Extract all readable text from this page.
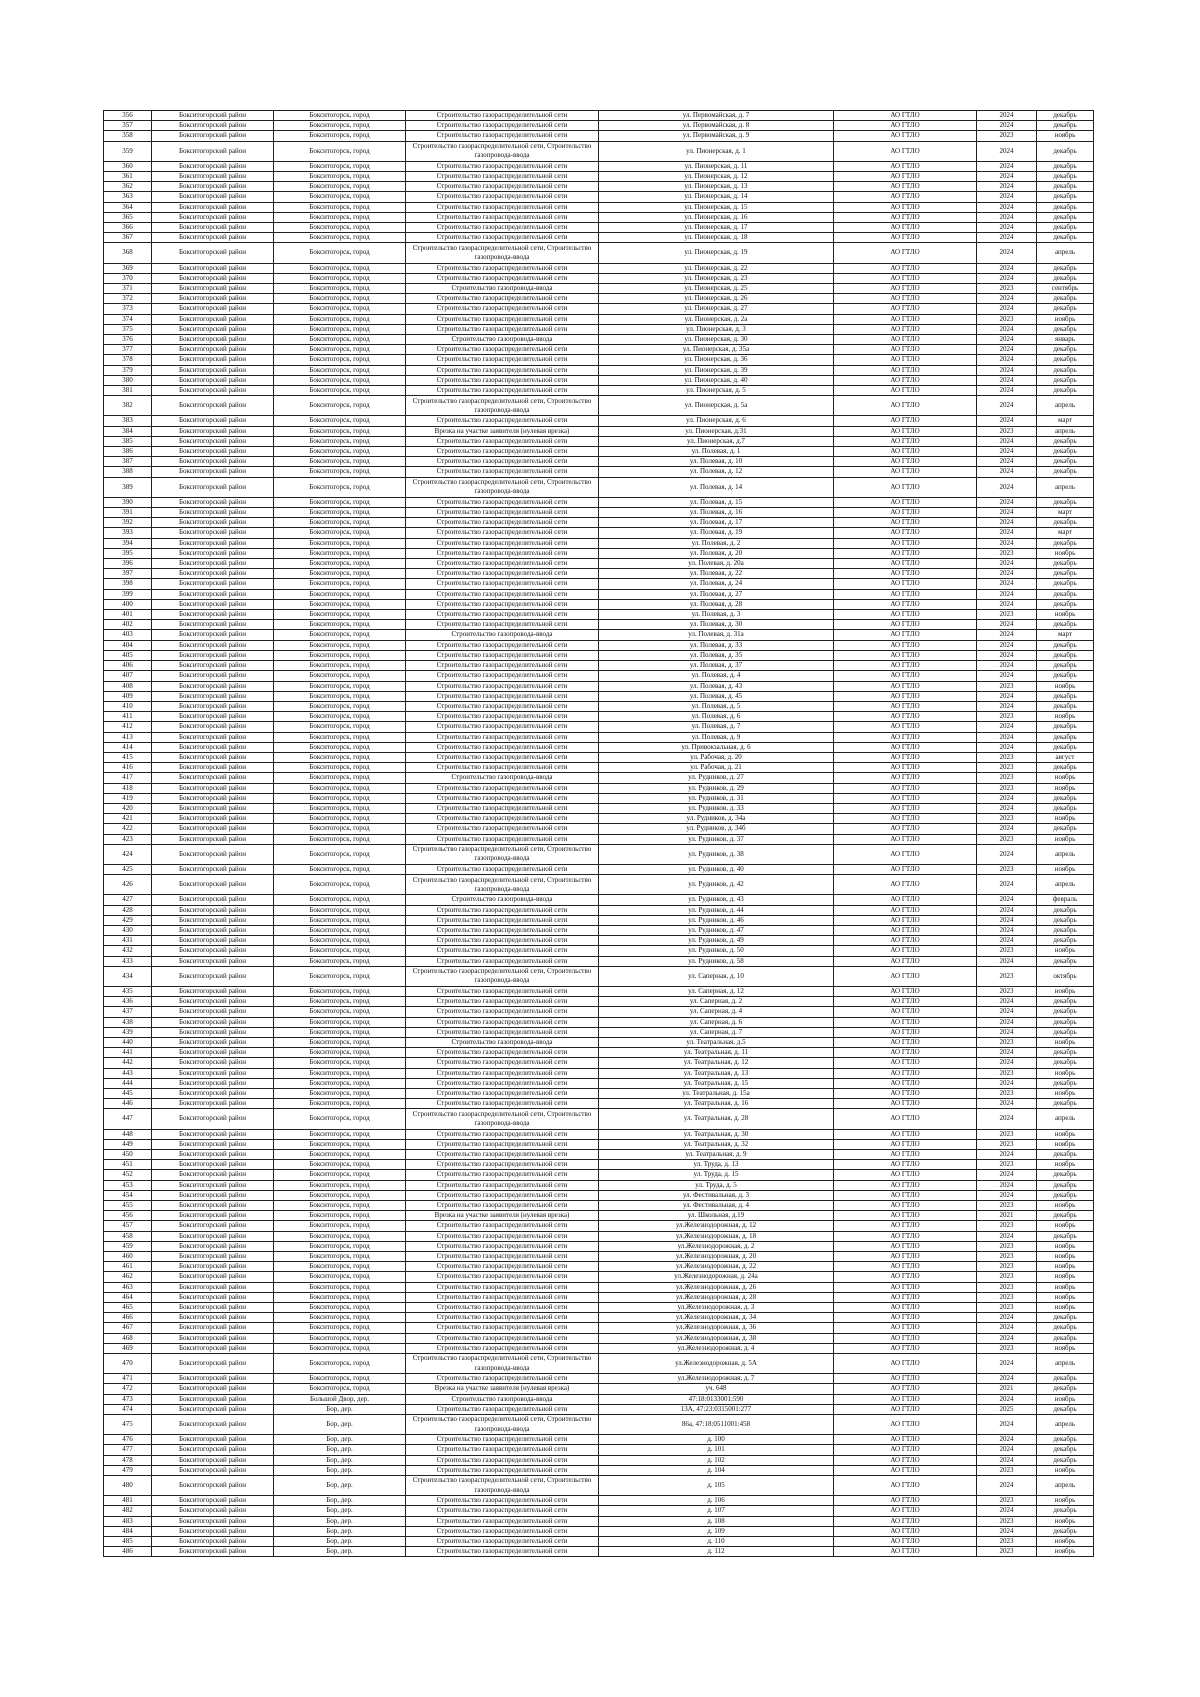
356	Бокситогорский район	Бокситогорск, город	Строительство газораспределительной сети	ул. Первомайская, д. 7	АО ГТЛО	2024	декабрь
357	Бокситогорский район	Бокситогорск, город	Строительство газораспределительной сети	ул. Первомайская, д. 8	АО ГТЛО	2024	декабрь
358	Бокситогорский район	Бокситогорск, город	Строительство газораспределительной сети	ул. Первомайская, д. 9	АО ГТЛО	2023	ноябрь
359	Бокситогорский район	Бокситогорск, город	Строительство газораспределительной сети, Строительство газопровода-ввода	ул. Пионерская, д. 1	АО ГТЛО	2024	декабрь
360	Бокситогорский район	Бокситогорск, город	Строительство газораспределительной сети	ул. Пионерская, д. 11	АО ГТЛО	2024	декабрь
361	Бокситогорский район	Бокситогорск, город	Строительство газораспределительной сети	ул. Пионерская, д. 12	АО ГТЛО	2024	декабрь
362	Бокситогорский район	Бокситогорск, город	Строительство газораспределительной сети	ул. Пионерская, д. 13	АО ГТЛО	2024	декабрь
363	Бокситогорский район	Бокситогорск, город	Строительство газораспределительной сети	ул. Пионерская, д. 14	АО ГТЛО	2024	декабрь
364	Бокситогорский район	Бокситогорск, город	Строительство газораспределительной сети	ул. Пионерская, д. 15	АО ГТЛО	2024	декабрь
365	Бокситогорский район	Бокситогорск, город	Строительство газораспределительной сети	ул. Пионерская, д. 16	АО ГТЛО	2024	декабрь
366	Бокситогорский район	Бокситогорск, город	Строительство газораспределительной сети	ул. Пионерская, д. 17	АО ГТЛО	2024	декабрь
367	Бокситогорский район	Бокситогорск, город	Строительство газораспределительной сети	ул. Пионерская, д. 18	АО ГТЛО	2024	декабрь
368	Бокситогорский район	Бокситогорск, город	Строительство газораспределительной сети, Строительство газопровода-ввода	ул. Пионерская, д. 19	АО ГТЛО	2024	апрель
369	Бокситогорский район	Бокситогорск, город	Строительство газораспределительной сети	ул. Пионерская, д. 22	АО ГТЛО	2024	декабрь
370	Бокситогорский район	Бокситогорск, город	Строительство газораспределительной сети	ул. Пионерская, д. 23	АО ГТЛО	2024	декабрь
371	Бокситогорский район	Бокситогорск, город	Строительство газопровода-ввода	ул. Пионерская, д. 25	АО ГТЛО	2023	сентябрь
372	Бокситогорский район	Бокситогорск, город	Строительство газораспределительной сети	ул. Пионерская, д. 26	АО ГТЛО	2024	декабрь
373	Бокситогорский район	Бокситогорск, город	Строительство газораспределительной сети	ул. Пионерская, д. 27	АО ГТЛО	2024	декабрь
374	Бокситогорский район	Бокситогорск, город	Строительство газораспределительной сети	ул. Пионерская, д. 2а	АО ГТЛО	2023	ноябрь
375	Бокситогорский район	Бокситогорск, город	Строительство газораспределительной сети	ул. Пионерская, д. 3	АО ГТЛО	2024	декабрь
376	Бокситогорский район	Бокситогорск, город	Строительство газопровода-ввода	ул. Пионерская, д. 30	АО ГТЛО	2024	январь
377	Бокситогорский район	Бокситогорск, город	Строительство газораспределительной сети	ул. Пионерская, д. 35а	АО ГТЛО	2024	декабрь
378	Бокситогорский район	Бокситогорск, город	Строительство газораспределительной сети	ул. Пионерская, д. 36	АО ГТЛО	2024	декабрь
379	Бокситогорский район	Бокситогорск, город	Строительство газораспределительной сети	ул. Пионерская, д. 39	АО ГТЛО	2024	декабрь
380	Бокситогорский район	Бокситогорск, город	Строительство газораспределительной сети	ул. Пионерская, д. 40	АО ГТЛО	2024	декабрь
381	Бокситогорский район	Бокситогорск, город	Строительство газораспределительной сети	ул. Пионерская, д. 5	АО ГТЛО	2024	декабрь
382	Бокситогорский район	Бокситогорск, город	Строительство газораспределительной сети, Строительство газопровода-ввода	ул. Пионерская, д. 5а	АО ГТЛО	2024	апрель
383	Бокситогорский район	Бокситогорск, город	Строительство газораспределительной сети	ул. Пионерская, д. 6	АО ГТЛО	2024	март
384	Бокситогорский район	Бокситогорск, город	Врезка на участке заявителя (нулевая врезка)	ул. Пионерская, д.31	АО ГТЛО	2023	апрель
385	Бокситогорский район	Бокситогорск, город	Строительство газораспределительной сети	ул. Пионерская, д.7	АО ГТЛО	2024	декабрь
386	Бокситогорский район	Бокситогорск, город	Строительство газораспределительной сети	ул. Полевая, д. 1	АО ГТЛО	2024	декабрь
387	Бокситогорский район	Бокситогорск, город	Строительство газораспределительной сети	ул. Полевая, д. 10	АО ГТЛО	2024	декабрь
388	Бокситогорский район	Бокситогорск, город	Строительство газораспределительной сети	ул. Полевая, д. 12	АО ГТЛО	2024	декабрь
389	Бокситогорский район	Бокситогорск, город	Строительство газораспределительной сети, Строительство газопровода-ввода	ул. Полевая, д. 14	АО ГТЛО	2024	апрель
390	Бокситогорский район	Бокситогорск, город	Строительство газораспределительной сети	ул. Полевая, д. 15	АО ГТЛО	2024	декабрь
391	Бокситогорский район	Бокситогорск, город	Строительство газораспределительной сети	ул. Полевая, д. 16	АО ГТЛО	2024	март
392	Бокситогорский район	Бокситогорск, город	Строительство газораспределительной сети	ул. Полевая, д. 17	АО ГТЛО	2024	декабрь
393	Бокситогорский район	Бокситогорск, город	Строительство газораспределительной сети	ул. Полевая, д. 19	АО ГТЛО	2024	март
394	Бокситогорский район	Бокситогорск, город	Строительство газораспределительной сети	ул. Полевая, д. 2	АО ГТЛО	2024	декабрь
395	Бокситогорский район	Бокситогорск, город	Строительство газораспределительной сети	ул. Полевая, д. 20	АО ГТЛО	2023	ноябрь
396	Бокситогорский район	Бокситогорск, город	Строительство газораспределительной сети	ул. Полевая, д. 20а	АО ГТЛО	2024	декабрь
397	Бокситогорский район	Бокситогорск, город	Строительство газораспределительной сети	ул. Полевая, д. 22	АО ГТЛО	2024	декабрь
398	Бокситогорский район	Бокситогорск, город	Строительство газораспределительной сети	ул. Полевая, д. 24	АО ГТЛО	2024	декабрь
399	Бокситогорский район	Бокситогорск, город	Строительство газораспределительной сети	ул. Полевая, д. 27	АО ГТЛО	2024	декабрь
400	Бокситогорский район	Бокситогорск, город	Строительство газораспределительной сети	ул. Полевая, д. 28	АО ГТЛО	2024	декабрь
401	Бокситогорский район	Бокситогорск, город	Строительство газораспределительной сети	ул. Полевая, д. 3	АО ГТЛО	2023	ноябрь
402	Бокситогорский район	Бокситогорск, город	Строительство газораспределительной сети	ул. Полевая, д. 30	АО ГТЛО	2024	декабрь
403	Бокситогорский район	Бокситогорск, город	Строительство газопровода-ввода	ул. Полевая, д. 31а	АО ГТЛО	2024	март
404	Бокситогорский район	Бокситогорск, город	Строительство газораспределительной сети	ул. Полевая, д. 33	АО ГТЛО	2024	декабрь
405	Бокситогорский район	Бокситогорск, город	Строительство газораспределительной сети	ул. Полевая, д. 35	АО ГТЛО	2024	декабрь
406	Бокситогорский район	Бокситогорск, город	Строительство газораспределительной сети	ул. Полевая, д. 37	АО ГТЛО	2024	декабрь
407	Бокситогорский район	Бокситогорск, город	Строительство газораспределительной сети	ул. Полевая, д. 4	АО ГТЛО	2024	декабрь
408	Бокситогорский район	Бокситогорск, город	Строительство газораспределительной сети	ул. Полевая, д. 43	АО ГТЛО	2023	ноябрь
409	Бокситогорский район	Бокситогорск, город	Строительство газораспределительной сети	ул. Полевая, д. 45	АО ГТЛО	2024	декабрь
410	Бокситогорский район	Бокситогорск, город	Строительство газораспределительной сети	ул. Полевая, д. 5	АО ГТЛО	2024	декабрь
411	Бокситогорский район	Бокситогорск, город	Строительство газораспределительной сети	ул. Полевая, д. 6	АО ГТЛО	2023	ноябрь
412	Бокситогорский район	Бокситогорск, город	Строительство газораспределительной сети	ул. Полевая, д. 7	АО ГТЛО	2024	декабрь
413	Бокситогорский район	Бокситогорск, город	Строительство газораспределительной сети	ул. Полевая, д. 9	АО ГТЛО	2024	декабрь
414	Бокситогорский район	Бокситогорск, город	Строительство газораспределительной сети	ул. Привокзальная, д. 6	АО ГТЛО	2024	декабрь
415	Бокситогорский район	Бокситогорск, город	Строительство газораспределительной сети	ул. Рабочая, д. 20	АО ГТЛО	2023	август
416	Бокситогорский район	Бокситогорск, город	Строительство газораспределительной сети	ул. Рабочая, д. 21	АО ГТЛО	2023	декабрь
417	Бокситогорский район	Бокситогорск, город	Строительство газопровода-ввода	ул. Рудников, д. 27	АО ГТЛО	2023	ноябрь
418	Бокситогорский район	Бокситогорск, город	Строительство газораспределительной сети	ул. Рудников, д. 29	АО ГТЛО	2023	ноябрь
419	Бокситогорский район	Бокситогорск, город	Строительство газораспределительной сети	ул. Рудников, д. 31	АО ГТЛО	2024	декабрь
420	Бокситогорский район	Бокситогорск, город	Строительство газораспределительной сети	ул. Рудников, д. 33	АО ГТЛО	2024	декабрь
421	Бокситогорский район	Бокситогорск, город	Строительство газораспределительной сети	ул. Рудников, д. 34а	АО ГТЛО	2023	ноябрь
422	Бокситогорский район	Бокситогорск, город	Строительство газораспределительной сети	ул. Рудников, д. 34б	АО ГТЛО	2024	декабрь
423	Бокситогорский район	Бокситогорск, город	Строительство газораспределительной сети	ул. Рудников, д. 37	АО ГТЛО	2023	ноябрь
424	Бокситогорский район	Бокситогорск, город	Строительство газораспределительной сети, Строительство газопровода-ввода	ул. Рудников, д. 38	АО ГТЛО	2024	апрель
425	Бокситогорский район	Бокситогорск, город	Строительство газораспределительной сети	ул. Рудников, д. 40	АО ГТЛО	2023	ноябрь
426	Бокситогорский район	Бокситогорск, город	Строительство газораспределительной сети, Строительство газопровода-ввода	ул. Рудников, д. 42	АО ГТЛО	2024	апрель
427	Бокситогорский район	Бокситогорск, город	Строительство газопровода-ввода	ул. Рудников, д. 43	АО ГТЛО	2024	февраль
428	Бокситогорский район	Бокситогорск, город	Строительство газораспределительной сети	ул. Рудников, д. 44	АО ГТЛО	2024	декабрь
429	Бокситогорский район	Бокситогорск, город	Строительство газораспределительной сети	ул. Рудников, д. 46	АО ГТЛО	2024	декабрь
430	Бокситогорский район	Бокситогорск, город	Строительство газораспределительной сети	ул. Рудников, д. 47	АО ГТЛО	2024	декабрь
431	Бокситогорский район	Бокситогорск, город	Строительство газораспределительной сети	ул. Рудников, д. 49	АО ГТЛО	2024	декабрь
432	Бокситогорский район	Бокситогорск, город	Строительство газораспределительной сети	ул. Рудников, д. 50	АО ГТЛО	2023	ноябрь
433	Бокситогорский район	Бокситогорск, город	Строительство газораспределительной сети	ул. Рудников, д. 58	АО ГТЛО	2024	декабрь
434	Бокситогорский район	Бокситогорск, город	Строительство газораспределительной сети, Строительство газопровода-ввода	ул. Саперная, д. 10	АО ГТЛО	2023	октябрь
435	Бокситогорский район	Бокситогорск, город	Строительство газораспределительной сети	ул. Саперная, д. 12	АО ГТЛО	2023	ноябрь
436	Бокситогорский район	Бокситогорск, город	Строительство газораспределительной сети	ул. Саперная, д. 2	АО ГТЛО	2024	декабрь
437	Бокситогорский район	Бокситогорск, город	Строительство газораспределительной сети	ул. Саперная, д. 4	АО ГТЛО	2024	декабрь
438	Бокситогорский район	Бокситогорск, город	Строительство газораспределительной сети	ул. Саперная, д. 6	АО ГТЛО	2024	декабрь
439	Бокситогорский район	Бокситогорск, город	Строительство газораспределительной сети	ул. Саперная, д. 7	АО ГТЛО	2024	декабрь
440	Бокситогорский район	Бокситогорск, город	Строительство газопровода-ввода	ул. Театральная, д.5	АО ГТЛО	2023	ноябрь
441	Бокситогорский район	Бокситогорск, город	Строительство газораспределительной сети	ул. Театральная, д. 11	АО ГТЛО	2024	декабрь
442	Бокситогорский район	Бокситогорск, город	Строительство газораспределительной сети	ул. Театральная, д. 12	АО ГТЛО	2024	декабрь
443	Бокситогорский район	Бокситогорск, город	Строительство газораспределительной сети	ул. Театральная, д. 13	АО ГТЛО	2023	ноябрь
444	Бокситогорский район	Бокситогорск, город	Строительство газораспределительной сети	ул. Театральная, д. 15	АО ГТЛО	2024	декабрь
445	Бокситогорский район	Бокситогорск, город	Строительство газораспределительной сети	ул. Театральная, д. 15а	АО ГТЛО	2023	ноябрь
446	Бокситогорский район	Бокситогорск, город	Строительство газораспределительной сети	ул. Театральная, д. 16	АО ГТЛО	2024	декабрь
447	Бокситогорский район	Бокситогорск, город	Строительство газораспределительной сети, Строительство газопровода-ввода	ул. Театральная, д. 28	АО ГТЛО	2024	апрель
448	Бокситогорский район	Бокситогорск, город	Строительство газораспределительной сети	ул. Театральная, д. 30	АО ГТЛО	2023	ноябрь
449	Бокситогорский район	Бокситогорск, город	Строительство газораспределительной сети	ул. Театральная, д. 32	АО ГТЛО	2023	ноябрь
450	Бокситогорский район	Бокситогорск, город	Строительство газораспределительной сети	ул. Театральная, д. 9	АО ГТЛО	2024	декабрь
451	Бокситогорский район	Бокситогорск, город	Строительство газораспределительной сети	ул. Труда, д. 13	АО ГТЛО	2023	ноябрь
452	Бокситогорский район	Бокситогорск, город	Строительство газораспределительной сети	ул. Труда, д. 15	АО ГТЛО	2024	декабрь
453	Бокситогорский район	Бокситогорск, город	Строительство газораспределительной сети	ул. Труда, д. 5	АО ГТЛО	2024	декабрь
454	Бокситогорский район	Бокситогорск, город	Строительство газораспределительной сети	ул. Фестивальная, д. 3	АО ГТЛО	2024	декабрь
455	Бокситогорский район	Бокситогорск, город	Строительство газораспределительной сети	ул. Фестивальная, д. 4	АО ГТЛО	2023	ноябрь
456	Бокситогорский район	Бокситогорск, город	Врезка на участке заявителя (нулевая врезка)	ул. Школьная, д.19	АО ГТЛО	2021	декабрь
457	Бокситогорский район	Бокситогорск, город	Строительство газораспределительной сети	ул.Железнодорожная, д. 12	АО ГТЛО	2023	ноябрь
458	Бокситогорский район	Бокситогорск, город	Строительство газораспределительной сети	ул.Железнодорожная, д. 18	АО ГТЛО	2024	декабрь
459	Бокситогорский район	Бокситогорск, город	Строительство газораспределительной сети	ул.Железнодорожная, д. 2	АО ГТЛО	2023	ноябрь
460	Бокситогорский район	Бокситогорск, город	Строительство газораспределительной сети	ул.Железнодорожная, д. 20	АО ГТЛО	2023	ноябрь
461	Бокситогорский район	Бокситогорск, город	Строительство газораспределительной сети	ул.Железнодорожная, д. 22	АО ГТЛО	2023	ноябрь
462	Бокситогорский район	Бокситогорск, город	Строительство газораспределительной сети	ул.Железнодорожная, д. 24а	АО ГТЛО	2023	ноябрь
463	Бокситогорский район	Бокситогорск, город	Строительство газораспределительной сети	ул.Железнодорожная, д. 26	АО ГТЛО	2023	ноябрь
464	Бокситогорский район	Бокситогорск, город	Строительство газораспределительной сети	ул.Железнодорожная, д. 28	АО ГТЛО	2023	ноябрь
465	Бокситогорский район	Бокситогорск, город	Строительство газораспределительной сети	ул.Железнодорожная, д. 3	АО ГТЛО	2023	ноябрь
466	Бокситогорский район	Бокситогорск, город	Строительство газораспределительной сети	ул.Железнодорожная, д. 34	АО ГТЛО	2024	декабрь
467	Бокситогорский район	Бокситогорск, город	Строительство газораспределительной сети	ул.Железнодорожная, д. 36	АО ГТЛО	2024	декабрь
468	Бокситогорский район	Бокситогорск, город	Строительство газораспределительной сети	ул.Железнодорожная, д. 38	АО ГТЛО	2024	декабрь
469	Бокситогорский район	Бокситогорск, город	Строительство газораспределительной сети	ул.Железнодорожная, д. 4	АО ГТЛО	2023	ноябрь
470	Бокситогорский район	Бокситогорск, город	Строительство газораспределительной сети, Строительство газопровода-ввода	ул.Железнодорожная, д. 5А	АО ГТЛО	2024	апрель
471	Бокситогорский район	Бокситогорск, город	Строительство газораспределительной сети	ул.Железнодорожная, д. 7	АО ГТЛО	2024	декабрь
472	Бокситогорский район	Бокситогорск, город	Врезка на участке заявителя (нулевая врезка)	уч. 648	АО ГТЛО	2021	декабрь
473	Бокситогорский район	Большой Двор, дер.	Строительство газопровода-ввода	47:18:0133001:590	АО ГТЛО	2024	ноябрь
474	Бокситогорский район	Бор, дер.	Строительство газораспределительной сети	13А, 47:23:0315001:277	АО ГТЛО	2025	декабрь
475	Бокситогорский район	Бор, дер.	Строительство газораспределительной сети, Строительство газопровода-ввода	86а, 47:18:0511001:458	АО ГТЛО	2024	апрель
476	Бокситогорский район	Бор, дер.	Строительство газораспределительной сети	д. 100	АО ГТЛО	2024	декабрь
477	Бокситогорский район	Бор, дер.	Строительство газораспределительной сети	д. 101	АО ГТЛО	2024	декабрь
478	Бокситогорский район	Бор, дер.	Строительство газораспределительной сети	д. 102	АО ГТЛО	2024	декабрь
479	Бокситогорский район	Бор, дер.	Строительство газораспределительной сети	д. 104	АО ГТЛО	2023	ноябрь
480	Бокситогорский район	Бор, дер.	Строительство газораспределительной сети, Строительство газопровода-ввода	д. 105	АО ГТЛО	2024	апрель
481	Бокситогорский район	Бор, дер.	Строительство газораспределительной сети	д. 106	АО ГТЛО	2023	ноябрь
482	Бокситогорский район	Бор, дер.	Строительство газораспределительной сети	д. 107	АО ГТЛО	2024	декабрь
483	Бокситогорский район	Бор, дер.	Строительство газораспределительной сети	д. 108	АО ГТЛО	2023	ноябрь
484	Бокситогорский район	Бор, дер.	Строительство газораспределительной сети	д. 109	АО ГТЛО	2024	декабрь
485	Бокситогорский район	Бор, дер.	Строительство газораспределительной сети	д. 110	АО ГТЛО	2023	ноябрь
486	Бокситогорский район	Бор, дер.	Строительство газораспределительной сети	д. 112	АО ГТЛО	2023	ноябрь
